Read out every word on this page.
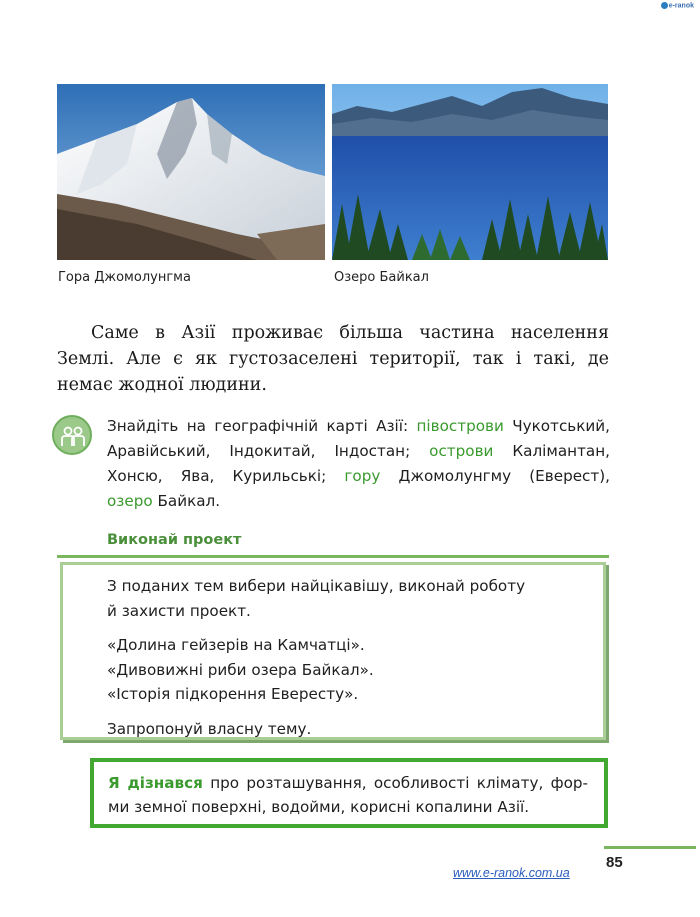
e-ranok
Гора Джомолунгма	Озеро Байкал
Саме в Азії проживає більша частина населення
Землі. Але є як густозаселені території, так і такі, де
немає жодної людини.
Знайдіть на географічній карті Азії: півострови Чукотський,
Аравійський, Індокитай, Індостан; острови Калімантан,
Хонсю, Ява, Курильські; гору Джомолунгму (Еверест),
озеро Байкал.
Виконай проект
З поданих тем вибери найцікавішу, виконай роботу
й захисти проект.
«Долина гейзерів на Камчатці».
«Дивовижні риби озера Байкал».
«Історія підкорення Евересту».
Запропонуй власну тему.
Я дізнався про розташування, особливості клімату, фор-
ми земної поверхні, водойми, корисні копалини Азії.
85
www.e-ranok.com.ua
